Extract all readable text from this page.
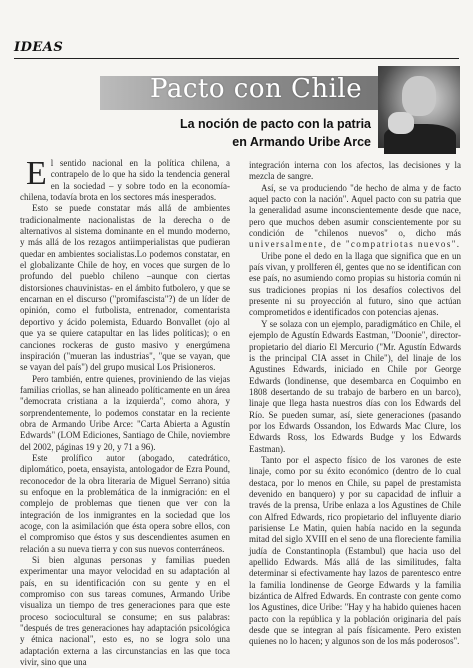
IDEAS
Pacto con Chile
La noción de pacto con la patria
en Armando Uribe Arce

El sentido nacional en la política chilena, a contrapelo de lo que ha sido la tendencia general en la sociedad – y sobre todo en la economía- chilena, todavía brota en los sectores más inesperados.

Esto se puede constatar más allá de ambientes tradicionalmente nacionalistas de la derecha o de alternativos al sistema dominante en el mundo moderno, y más allá de los rezagos antiimperialistas que pudieran quedar en ambientes socialistas.Lo podemos constatar, en el globalizante Chile de hoy, en voces que surgen de lo profundo del pueblo chileno –aunque con ciertas distorsiones chauvinistas- en el ámbito futbolero, y que se encarnan en el discurso ("promifascista"?) de un líder de opinión, como el futbolista, entrenador, comentarista deportivo y ácido polemista, Eduardo Bonvallet (ojo al que ya se quiere catapultar en las lides políticas); o en canciones rockeras de gusto masivo y energúmena inspiración ("mueran las industrias", "que se vayan, que se vayan del país") del grupo musical Los Prisioneros.

Pero también, entre quienes, proviniendo de las viejas familias criollas, se han alineado políticamente en un área "democrata cristiana a la izquierda", como ahora, y sorprendentemente, lo podemos constatar en la reciente obra de Armando Uribe Arce: "Carta Abierta a Agustín Edwards" (LOM Ediciones, Santiago de Chile, noviembre del 2002, páginas 19 y 20, y 71 a 96).

Este prolífico autor (abogado, catedrático, diplomático, poeta, ensayista, antologador de Ezra Pound, reconocedor de la obra literaria de Miguel Serrano) sitúa su enfoque en la problemática de la inmigración: en el complejo de problemas que tienen que ver con la integración de los inmigrantes en la sociedad que los acoge, con la asimilación que ésta opera sobre ellos, con el compromiso que éstos y sus descendientes asumen en relación a su nueva tierra y con sus nuevos conterráneos.

Si bien algunas personas y familias pueden experimentar una mayor velocidad en su adaptación al país, en su identificación con su gente y en el compromiso con sus tareas comunes, Armando Uribe visualiza un tiempo de tres generaciones para que este proceso sociocultural se consume; en sus palabras: "después de tres generaciones hay adaptación psicológica y étnica nacional", esto es, no se logra solo una adaptación externa a las circunstancias en las que toca vivir, sino que una

integración interna con los afectos, las decisiones y la mezcla de sangre.

Así, se va produciendo "de hecho de alma y de facto aquel pacto con la nación". Aquel pacto con su patria que la generalidad asume inconscientemente desde que nace, pero que muchos deben asumir conscientemente por su condición de "chilenos nuevos" o, dicho más universalmente, de "compatriotas nuevos".

Uribe pone el dedo en la llaga que significa que en un país vivan, y prollferen él, gentes que no se identifican con ese país, no asumiendo como propias su historia común ni sus tradiciones propias ni los desafíos colectivos del presente ni su proyección al futuro, sino que actúan comprometidos e identificados con potencias ajenas.

Y se solaza con un ejemplo, paradigmático en Chile, el ejemplo de Agustín Edwards Eastman, "Doonie", director-propietario del diario El Mercurio ("Mr. Agustín Edwards is the principal CIA asset in Chile"), del linaje de los Agustines Edwards, iniciado en Chile por George Edwards (londinense, que desembarca en Coquimbo en 1808 desertando de su trabajo de barbero en un barco), linaje que llega hasta nuestros días con los Edwards del Río. Se pueden sumar, así, siete generaciones (pasando por los Edwards Ossandon, los Edwards Mac Clure, los Edwards Ross, los Edwards Budge y los Edwards Eastman).

Tanto por el aspecto físico de los varones de este linaje, como por su éxito económico (dentro de lo cual destaca, por lo menos en Chile, su papel de prestamista devenido en banquero) y por su capacidad de influir a través de la prensa, Uribe enlaza a los Agustines de Chile con Alfred Edwards, rico propietario del influyente diario parisiense Le Matin, quien había nacido en la segunda mitad del siglo XVIII en el seno de una floreciente familia judía de Constantinopla (Estambul) que hacia uso del apellido Edwards. Más allá de las similitudes, falta determinar si efectivamente hay lazos de parentesco entre la familia londinense de George Edwards y la familia bizántica de Alfred Edwards. En contraste con gente como los Agustines, dice Uribe: "Hay y ha habido quienes hacen pacto con la república y la población originaria del país desde que se integran al país físicamente. Pero existen quienes no lo hacen; y algunos son de los más poderosos".
